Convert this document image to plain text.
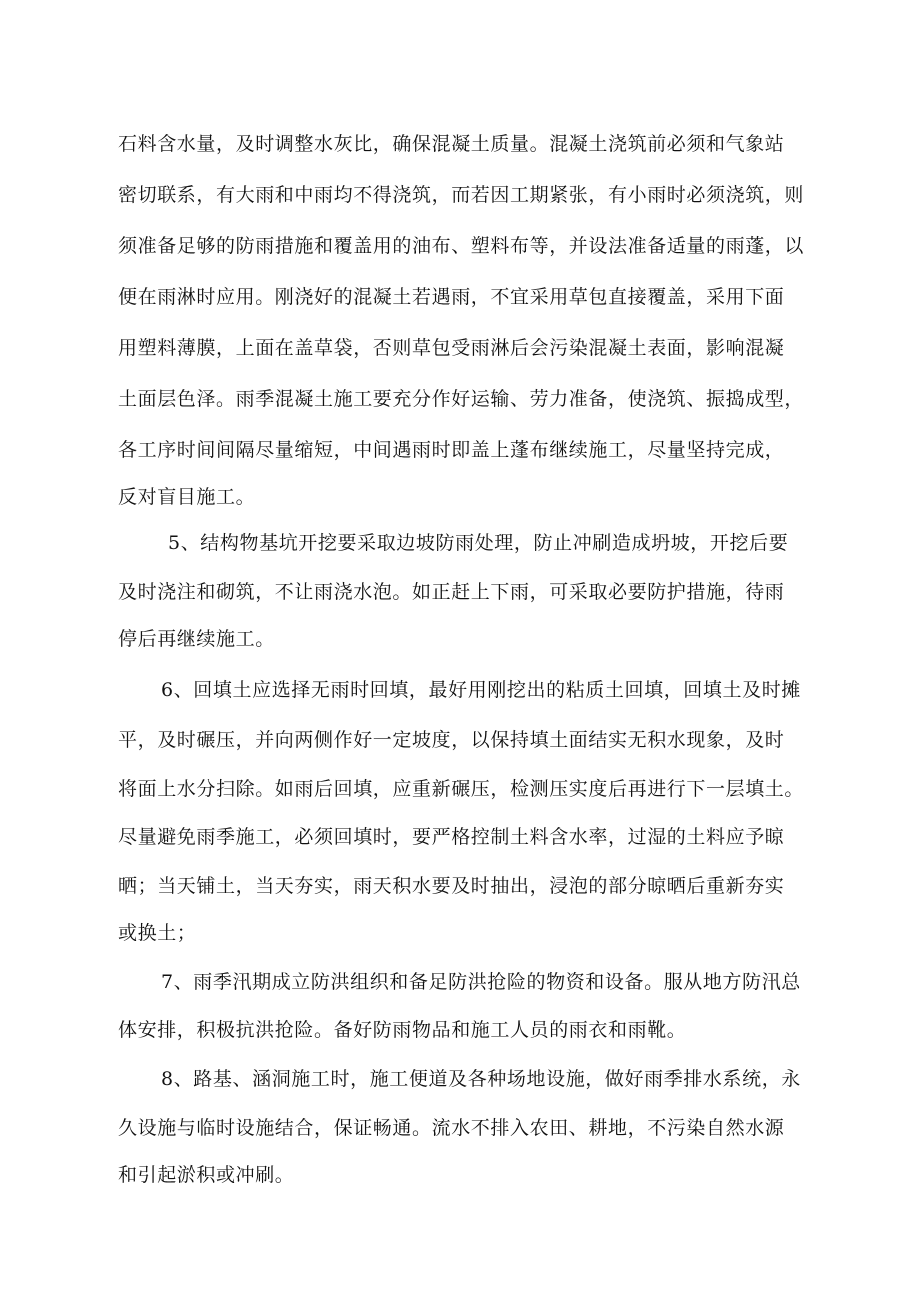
石料含水量，及时调整水灰比，确保混凝土质量。混凝土浇筑前必须和气象站
密切联系，有大雨和中雨均不得浇筑，而若因工期紧张，有小雨时必须浇筑，则
须准备足够的防雨措施和覆盖用的油布、塑料布等，并设法准备适量的雨蓬，以
便在雨淋时应用。刚浇好的混凝土若遇雨，不宜采用草包直接覆盖，采用下面
用塑料薄膜，上面在盖草袋，否则草包受雨淋后会污染混凝土表面，影响混凝
土面层色泽。雨季混凝土施工要充分作好运输、劳力准备，使浇筑、振捣成型，
各工序时间间隔尽量缩短，中间遇雨时即盖上蓬布继续施工，尽量坚持完成，
反对盲目施工。
5、结构物基坑开挖要采取边坡防雨处理，防止冲刷造成坍坡，开挖后要
及时浇注和砌筑，不让雨浇水泡。如正赶上下雨，可采取必要防护措施，待雨
停后再继续施工。
6、回填土应选择无雨时回填，最好用刚挖出的粘质土回填，回填土及时摊
平，及时碾压，并向两侧作好一定坡度，以保持填土面结实无积水现象，及时
将面上水分扫除。如雨后回填，应重新碾压，检测压实度后再进行下一层填土。
尽量避免雨季施工，必须回填时，要严格控制土料含水率，过湿的土料应予晾
晒；当天铺土，当天夯实，雨天积水要及时抽出，浸泡的部分晾晒后重新夯实
或换土；
7、雨季汛期成立防洪组织和备足防洪抢险的物资和设备。服从地方防汛总
体安排，积极抗洪抢险。备好防雨物品和施工人员的雨衣和雨靴。
8、路基、涵洞施工时，施工便道及各种场地设施，做好雨季排水系统，永
久设施与临时设施结合，保证畅通。流水不排入农田、耕地，不污染自然水源
和引起淤积或冲刷。
